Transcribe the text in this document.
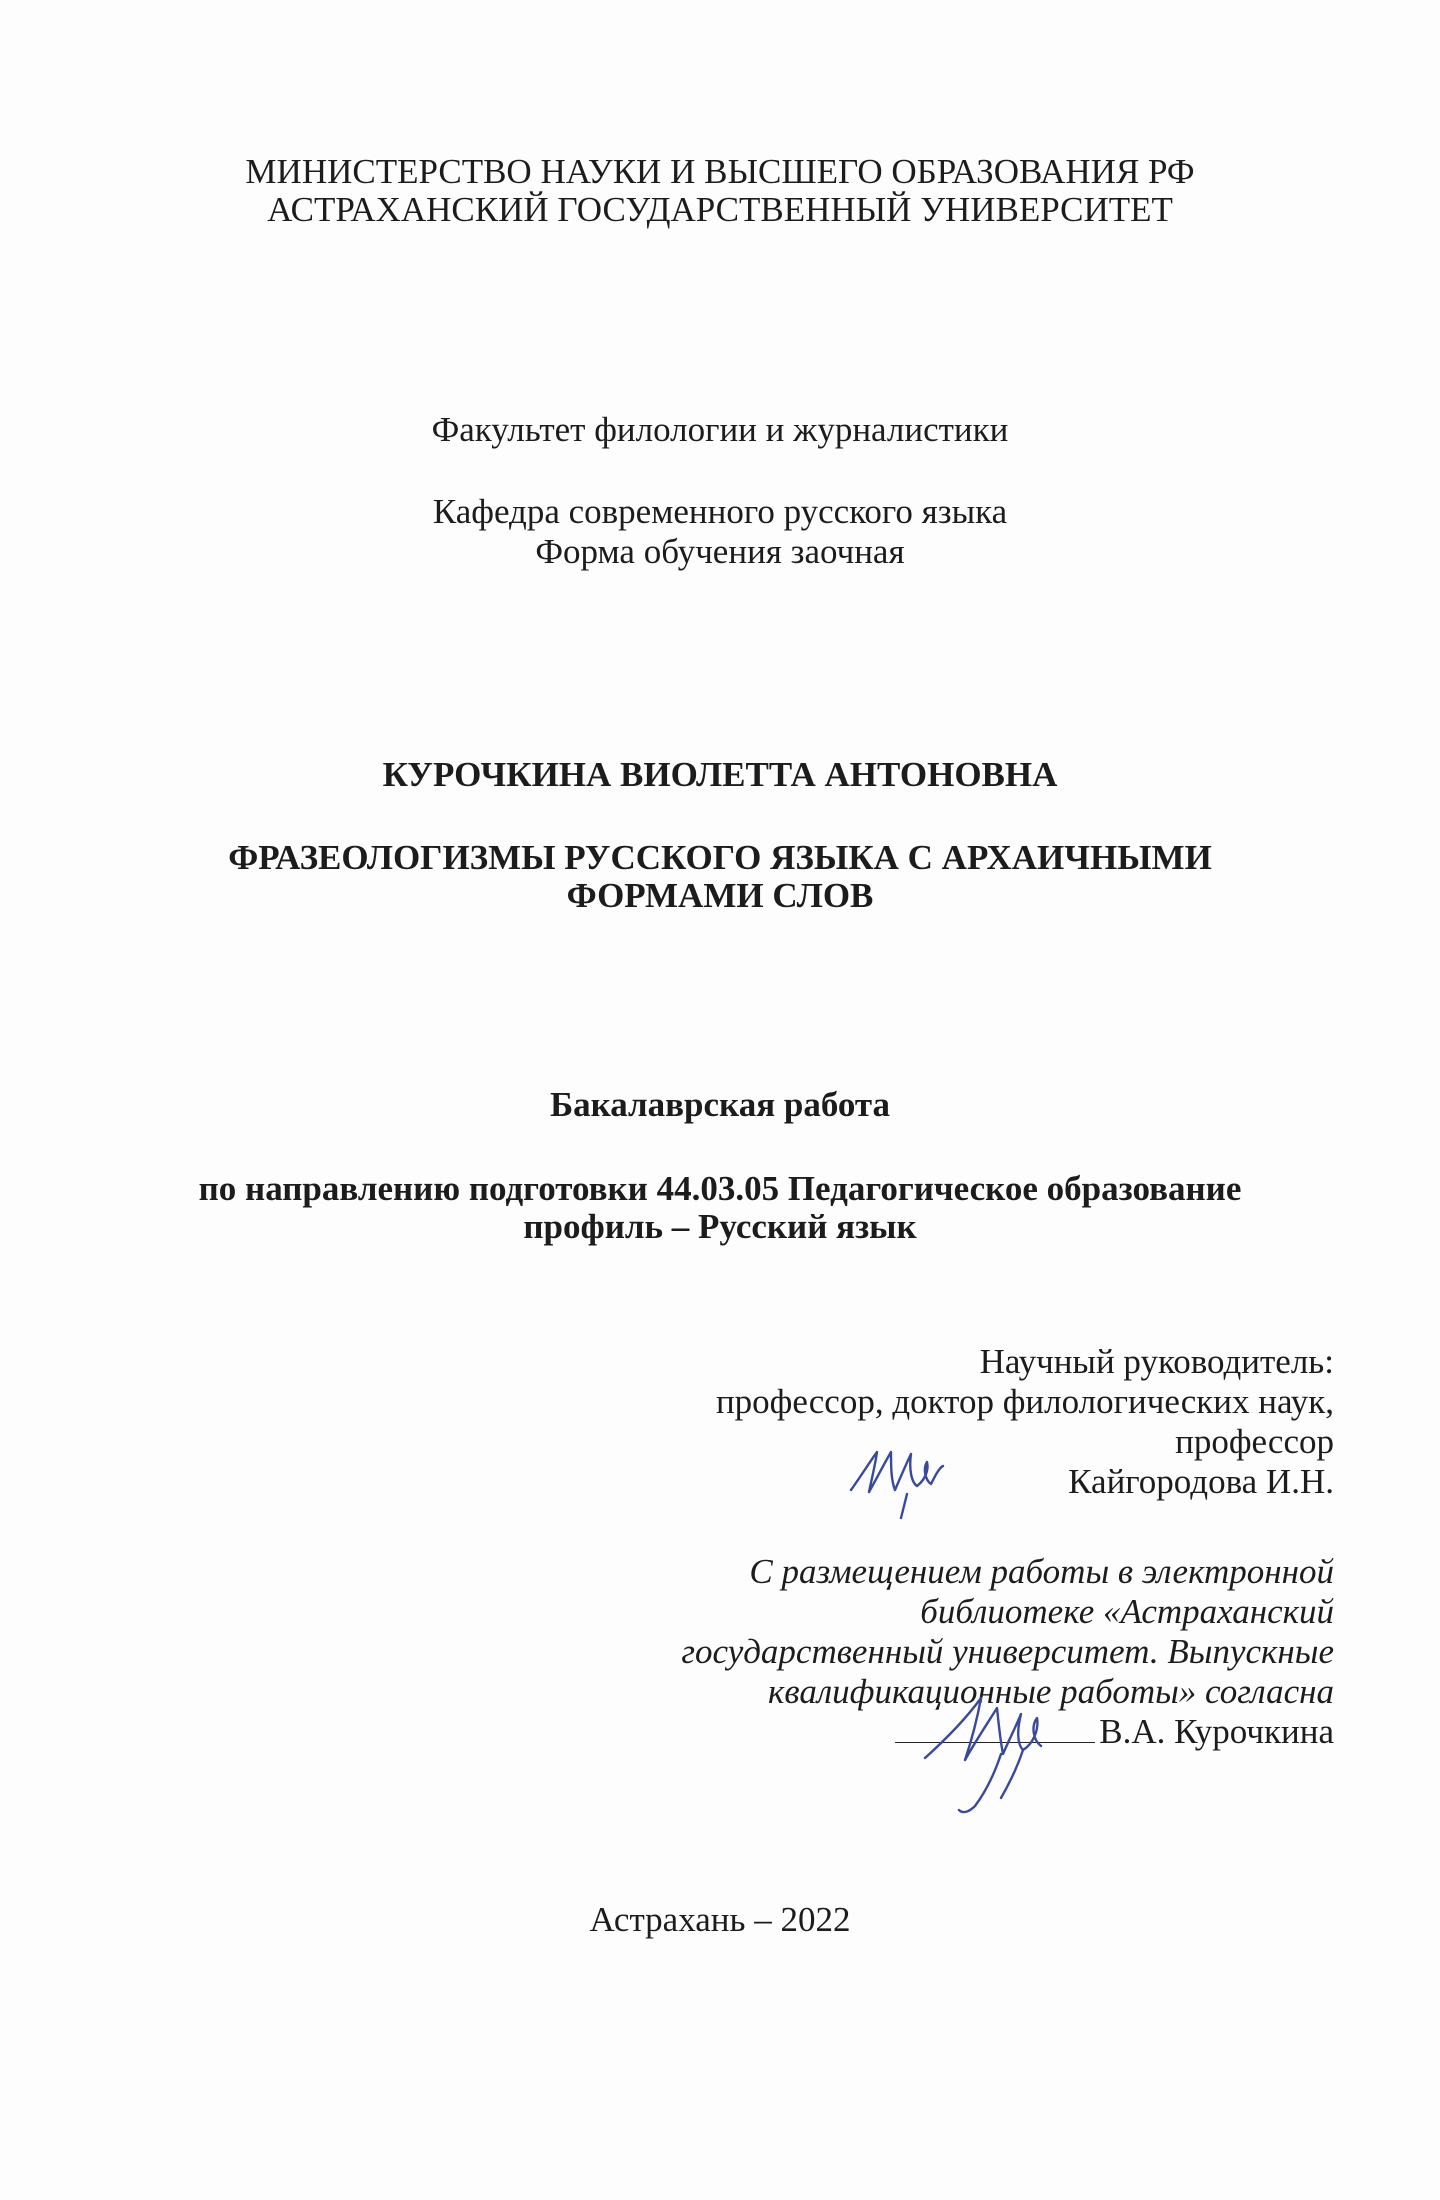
МИНИСТЕРСТВО НАУКИ И ВЫСШЕГО ОБРАЗОВАНИЯ РФ
АСТРАХАНСКИЙ ГОСУДАРСТВЕННЫЙ УНИВЕРСИТЕТ
Факультет филологии и журналистики
Кафедра современного русского языка
Форма обучения заочная
КУРОЧКИНА ВИОЛЕТТА АНТОНОВНА
ФРАЗЕОЛОГИЗМЫ РУССКОГО ЯЗЫКА С АРХАИЧНЫМИ
ФОРМАМИ СЛОВ
Бакалаврская работа
по направлению подготовки 44.03.05 Педагогическое образование
профиль – Русский язык
Научный руководитель:
профессор, доктор филологических наук,
профессор
Кайгородова И.Н.
С размещением работы в электронной
библиотеке «Астраханский
государственный университет. Выпускные
квалификационные работы» согласна
В.А. Курочкина
Астрахань – 2022
